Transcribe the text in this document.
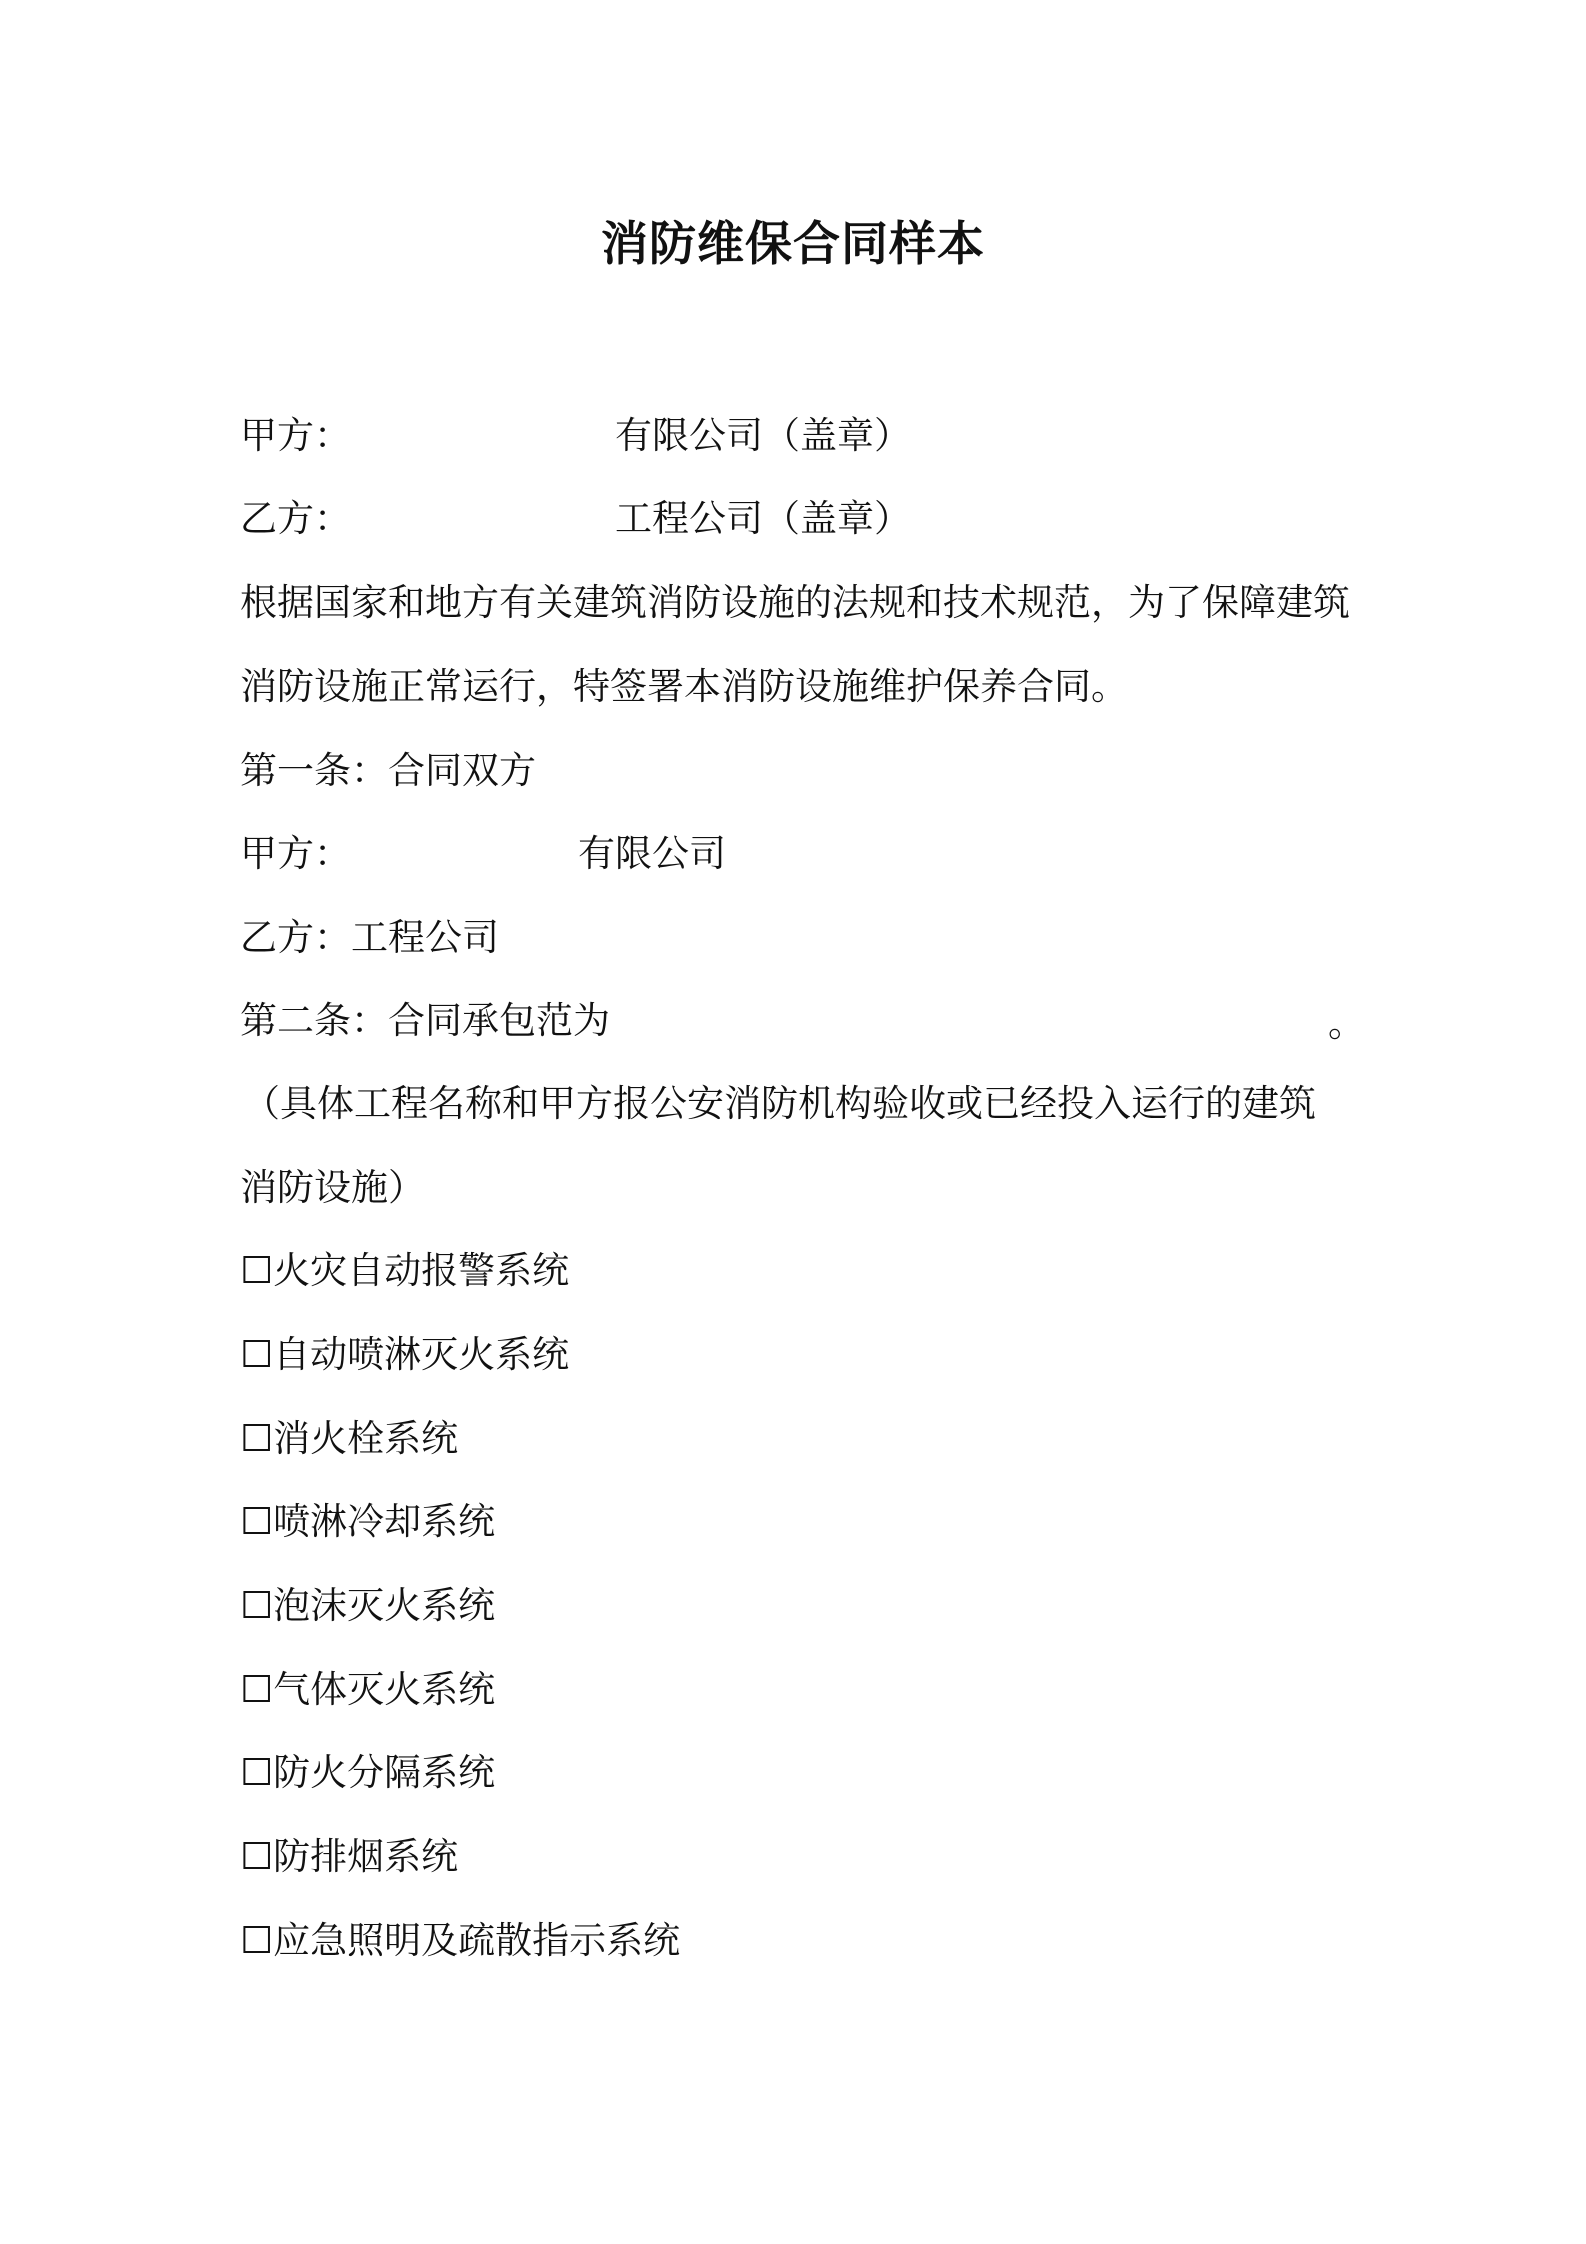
消防维保合同样本
甲方：	有限公司（盖章）
乙方：	工程公司（盖章）
根据国家和地方有关建筑消防设施的法规和技术规范，为了保障建筑
消防设施正常运行，特签署本消防设施维护保养合同。
第一条：合同双方
甲方：	有限公司
乙方：工程公司
第二条：合同承包范为	。
（具体工程名称和甲方报公安消防机构验收或已经投入运行的建筑
消防设施）
☐火灾自动报警系统
☐自动喷淋灭火系统
☐消火栓系统
☐喷淋冷却系统
☐泡沫灭火系统
☐气体灭火系统
☐防火分隔系统
☐防排烟系统
☐应急照明及疏散指示系统
